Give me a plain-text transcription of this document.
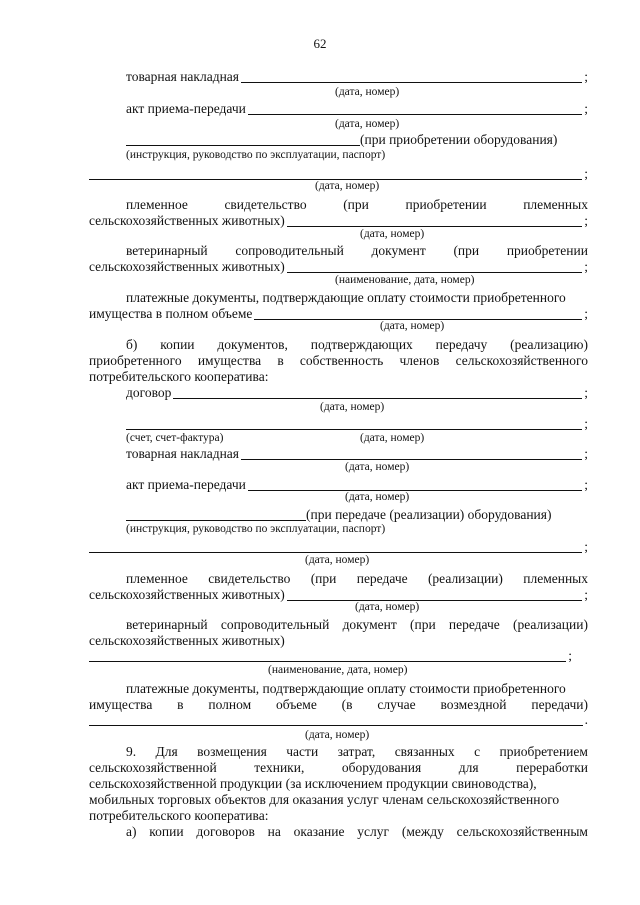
62
товарная накладная	;
(дата, номер)
акт приема-передачи	;
(дата, номер)
(при приобретении оборудования)
(инструкция, руководство по эксплуатации, паспорт)
;
(дата, номер)
племенное	свидетельство	(при	приобретении	племенных
сельскохозяйственных животных)	;
(дата, номер)
ветеринарный сопроводительный документ (при приобретении
сельскохозяйственных животных)	;
(наименование, дата, номер)
платежные документы, подтверждающие оплату стоимости приобретенного
имущества в полном объеме	;
(дата, номер)
б) копии документов, подтверждающих передачу (реализацию)
приобретенного имущества в собственность членов сельскохозяйственного
потребительского кооператива:
договор	;
(дата, номер)
;
(счет, счет-фактура)	(дата, номер)
товарная накладная	;
(дата, номер)
акт приема-передачи	;
(дата, номер)
(при передаче (реализации) оборудования)
(инструкция, руководство по эксплуатации, паспорт)
;
(дата, номер)
племенное свидетельство (при передаче (реализации) племенных
сельскохозяйственных животных)	;
(дата, номер)
ветеринарный сопроводительный документ (при передаче (реализации)
сельскохозяйственных животных)
;
(наименование, дата, номер)
платежные документы, подтверждающие оплату стоимости приобретенного
имущества в полном объеме (в случае возмездной передачи)
.
(дата, номер)
9. Для возмещения части затрат, связанных с приобретением
сельскохозяйственной	техники,	оборудования	для	переработки
сельскохозяйственной продукции (за исключением продукции свиноводства),
мобильных торговых объектов для оказания услуг членам сельскохозяйственного
потребительского кооператива:
а) копии договоров на оказание услуг (между сельскохозяйственным
